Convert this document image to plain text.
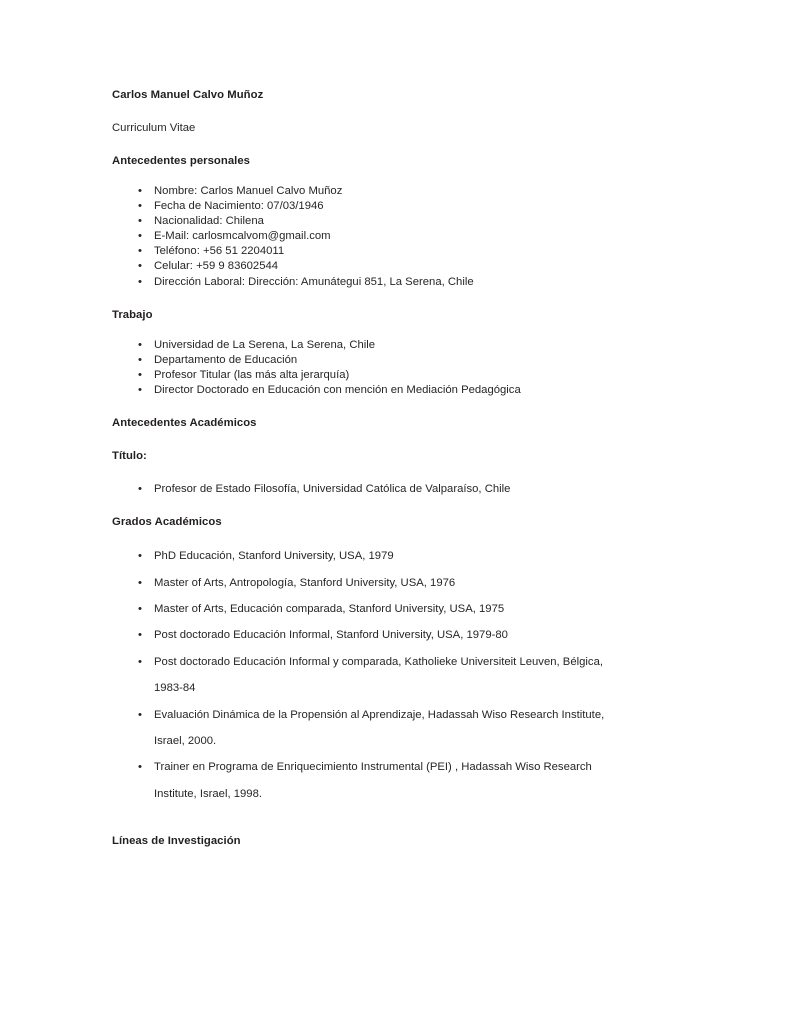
Carlos Manuel Calvo Muñoz

Curriculum Vitae

Antecedentes personales
• Nombre: Carlos Manuel Calvo Muñoz
• Fecha de Nacimiento: 07/03/1946
• Nacionalidad: Chilena
• E-Mail: carlosmcalvom@gmail.com
• Teléfono: +56 51 2204011
• Celular: +59 9 83602544
• Dirección Laboral: Dirección: Amunátegui 851, La Serena, Chile
Trabajo
• Universidad de La Serena, La Serena, Chile
• Departamento de Educación
• Profesor Titular (las más alta jerarquía)
• Director Doctorado en Educación con mención en Mediación Pedagógica
Antecedentes Académicos
Título:
• Profesor de Estado Filosofía, Universidad Católica de Valparaíso, Chile
Grados Académicos
• PhD Educación, Stanford University, USA, 1979
• Master of Arts, Antropología, Stanford University, USA, 1976
• Master of Arts, Educación comparada, Stanford University, USA, 1975
• Post doctorado Educación Informal, Stanford University, USA, 1979-80
• Post doctorado Educación Informal y comparada, Katholieke Universiteit Leuven, Bélgica,
1983-84
• Evaluación Dinámica de la Propensión al Aprendizaje, Hadassah Wiso Research Institute,
Israel, 2000.
• Trainer en Programa de Enriquecimiento Instrumental (PEI) , Hadassah Wiso Research
Institute, Israel, 1998.
Líneas de Investigación
